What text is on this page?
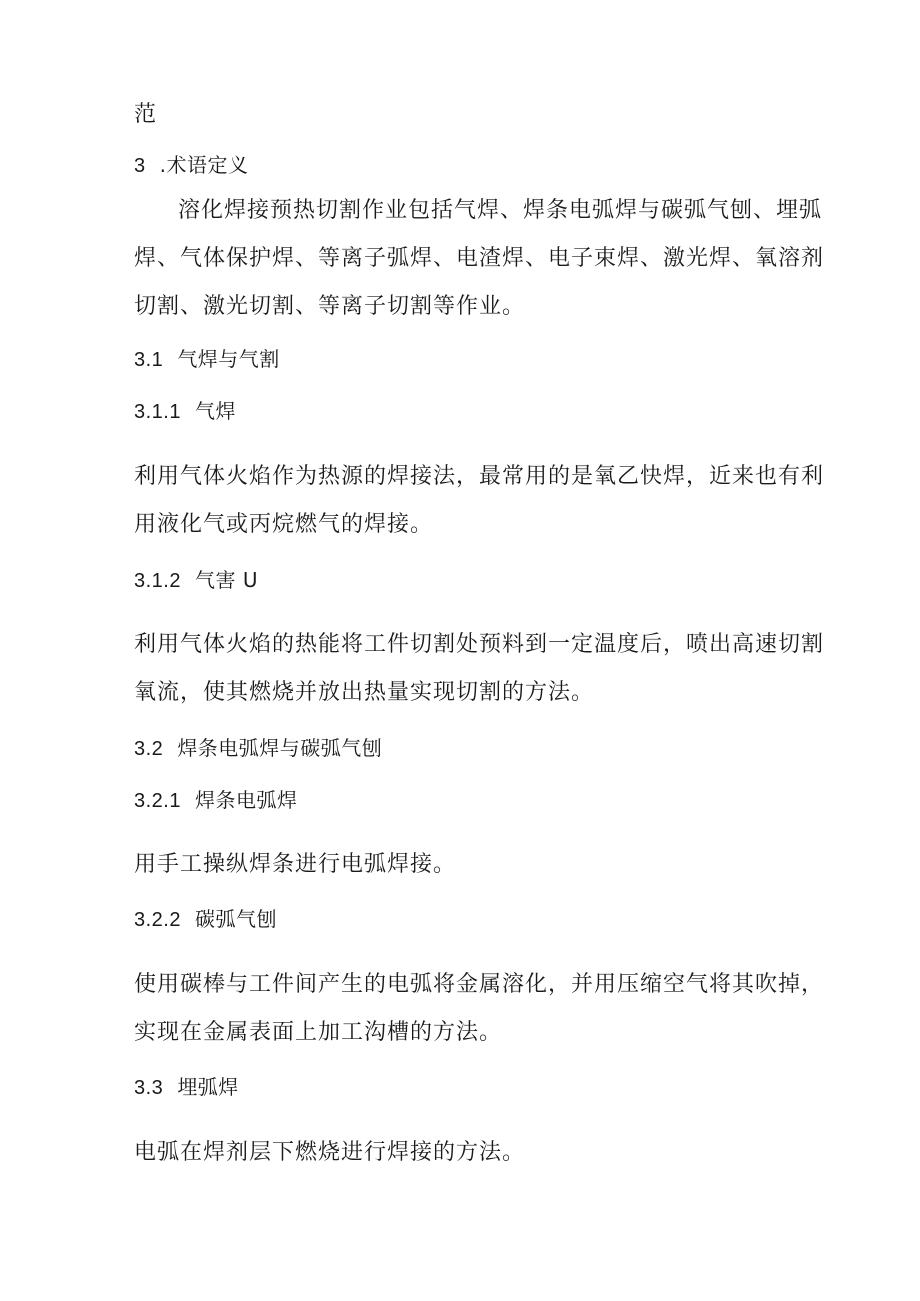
范
3 .术语定义
溶化焊接预热切割作业包括气焊、焊条电弧焊与碳弧气刨、埋弧
焊、气体保护焊、等离子弧焊、电渣焊、电子束焊、激光焊、氧溶剂
切割、激光切割、等离子切割等作业。
3.1 气焊与气割
3.1.1 气焊
利用气体火焰作为热源的焊接法，最常用的是氧乙快焊，近来也有利
用液化气或丙烷燃气的焊接。
3.1.2 气害 U
利用气体火焰的热能将工件切割处预料到一定温度后，喷出高速切割
氧流，使其燃烧并放出热量实现切割的方法。
3.2 焊条电弧焊与碳弧气刨
3.2.1 焊条电弧焊
用手工操纵焊条进行电弧焊接。
3.2.2 碳弧气刨
使用碳棒与工件间产生的电弧将金属溶化，并用压缩空气将其吹掉，
实现在金属表面上加工沟槽的方法。
3.3 埋弧焊
电弧在焊剂层下燃烧进行焊接的方法。
